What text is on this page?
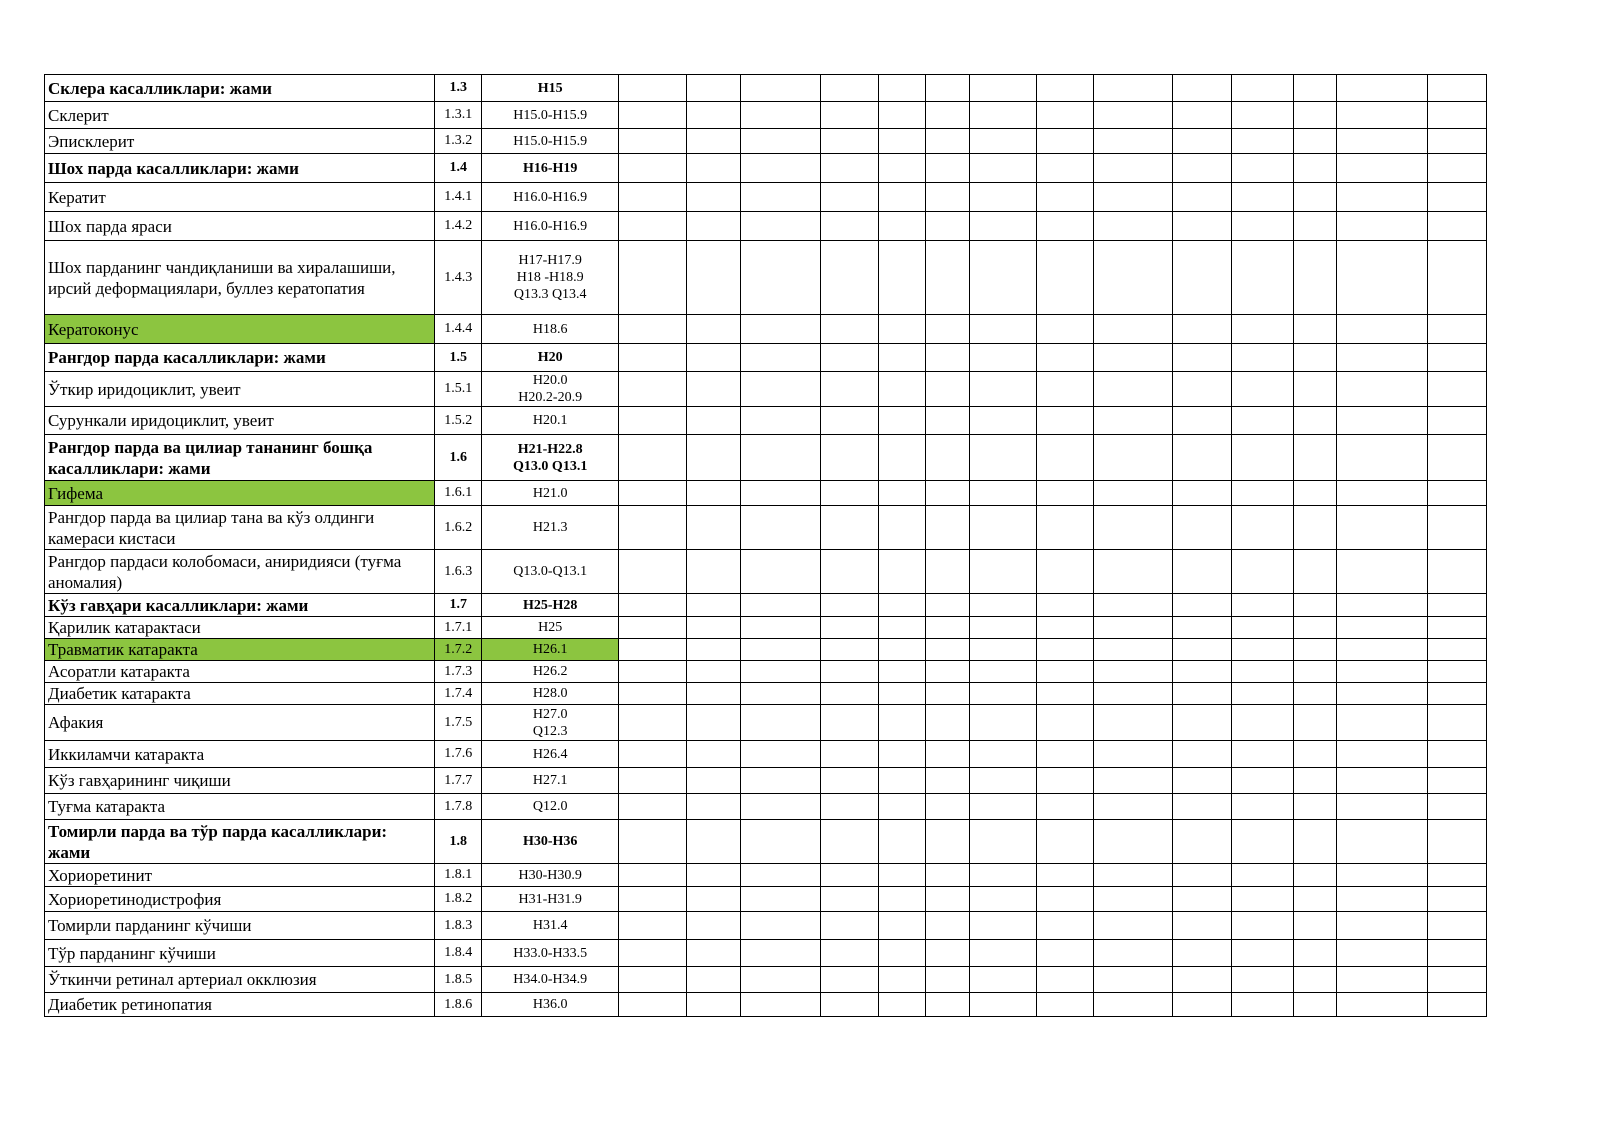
Склера касалликлари: жами	1.3	H15														
Склерит	1.3.1	H15.0-H15.9														
Эписклерит	1.3.2	H15.0-H15.9														
Шох парда касалликлари: жами	1.4	H16-H19														
Кератит	1.4.1	H16.0-H16.9														
Шох парда яраси	1.4.2	H16.0-H16.9														
Шох парданинг чандиқланиши ва хиралашиши, ирсий деформациялари, буллез кератопатия	1.4.3	H17-H17.9
H18 -H18.9
Q13.3 Q13.4														
Кератоконус	1.4.4	H18.6														
Рангдор парда касалликлари: жами	1.5	H20														
Ўткир иридоциклит, увеит	1.5.1	H20.0
H20.2-20.9														
Сурункали иридоциклит, увеит	1.5.2	H20.1														
Рангдор парда ва цилиар тананинг бошқа касалликлари: жами	1.6	H21-H22.8
Q13.0 Q13.1														
Гифема	1.6.1	H21.0														
Рангдор парда ва цилиар тана ва кўз олдинги камераси кистаси	1.6.2	H21.3														
Рангдор пардаси колобомаси, аниридияси (туғма аномалия)	1.6.3	Q13.0-Q13.1														
Кўз гавҳари касалликлари: жами	1.7	H25-H28														
Қарилик катарактаси	1.7.1	H25														
Травматик катаракта	1.7.2	H26.1														
Асоратли катаракта	1.7.3	H26.2														
Диабетик катаракта	1.7.4	H28.0														
Афакия	1.7.5	H27.0
Q12.3														
Иккиламчи катаракта	1.7.6	H26.4														
Кўз гавҳарининг чиқиши	1.7.7	H27.1														
Туғма катаракта	1.7.8	Q12.0														
Томирли парда ва тўр парда касалликлари: жами	1.8	H30-H36														
Хориоретинит	1.8.1	H30-H30.9														
Хориоретинодистрофия	1.8.2	H31-H31.9														
Томирли парданинг кўчиши	1.8.3	H31.4														
Тўр парданинг кўчиши	1.8.4	H33.0-H33.5														
Ўткинчи ретинал артериал окклюзия	1.8.5	H34.0-H34.9														
Диабетик ретинопатия	1.8.6	H36.0														
